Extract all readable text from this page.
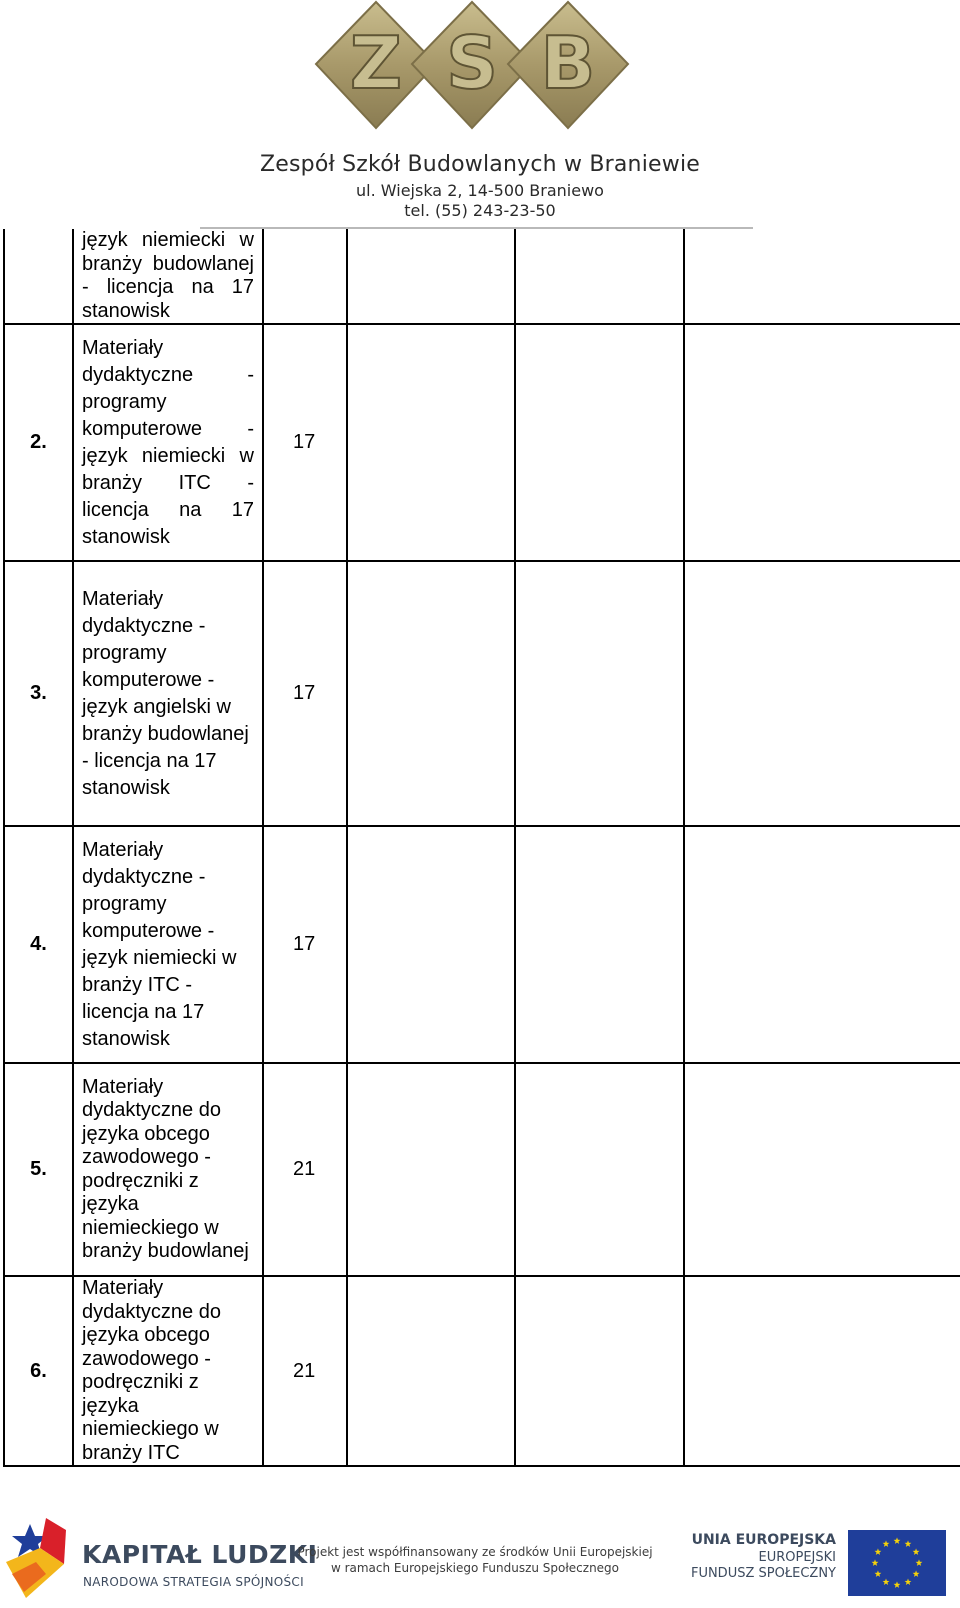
Z S B
Zespół Szkół Budowlanych w Braniewie
ul. Wiejska 2, 14-500 Braniewo
tel. (55) 243-23-50

	język niemiecki w branży budowlanej - licencja na 17 stanowisk				

2.	Materiały dydaktyczne - programy komputerowe - język niemiecki w branży ITC - licencja na 17 stanowisk	17			
3.	Materiały dydaktyczne - programy komputerowe - język angielski w branży budowlanej - licencja na 17 stanowisk	17			
4.	Materiały dydaktyczne - programy komputerowe - język niemiecki w branży ITC - licencja na 17 stanowisk	17			
5.	Materiały dydaktyczne do języka obcego zawodowego - podręczniki z języka niemieckiego w branży budowlanej	21			
6.	Materiały dydaktyczne do języka obcego zawodowego - podręczniki z języka niemieckiego w branży ITC	21			
KAPITAŁ LUDZKI
NARODOWA STRATEGIA SPÓJNOŚCI
Projekt jest współfinansowany ze środków Unii Europejskiej
w ramach Europejskiego Funduszu Społecznego
UNIA EUROPEJSKA
EUROPEJSKI
FUNDUSZ SPOŁECZNY
